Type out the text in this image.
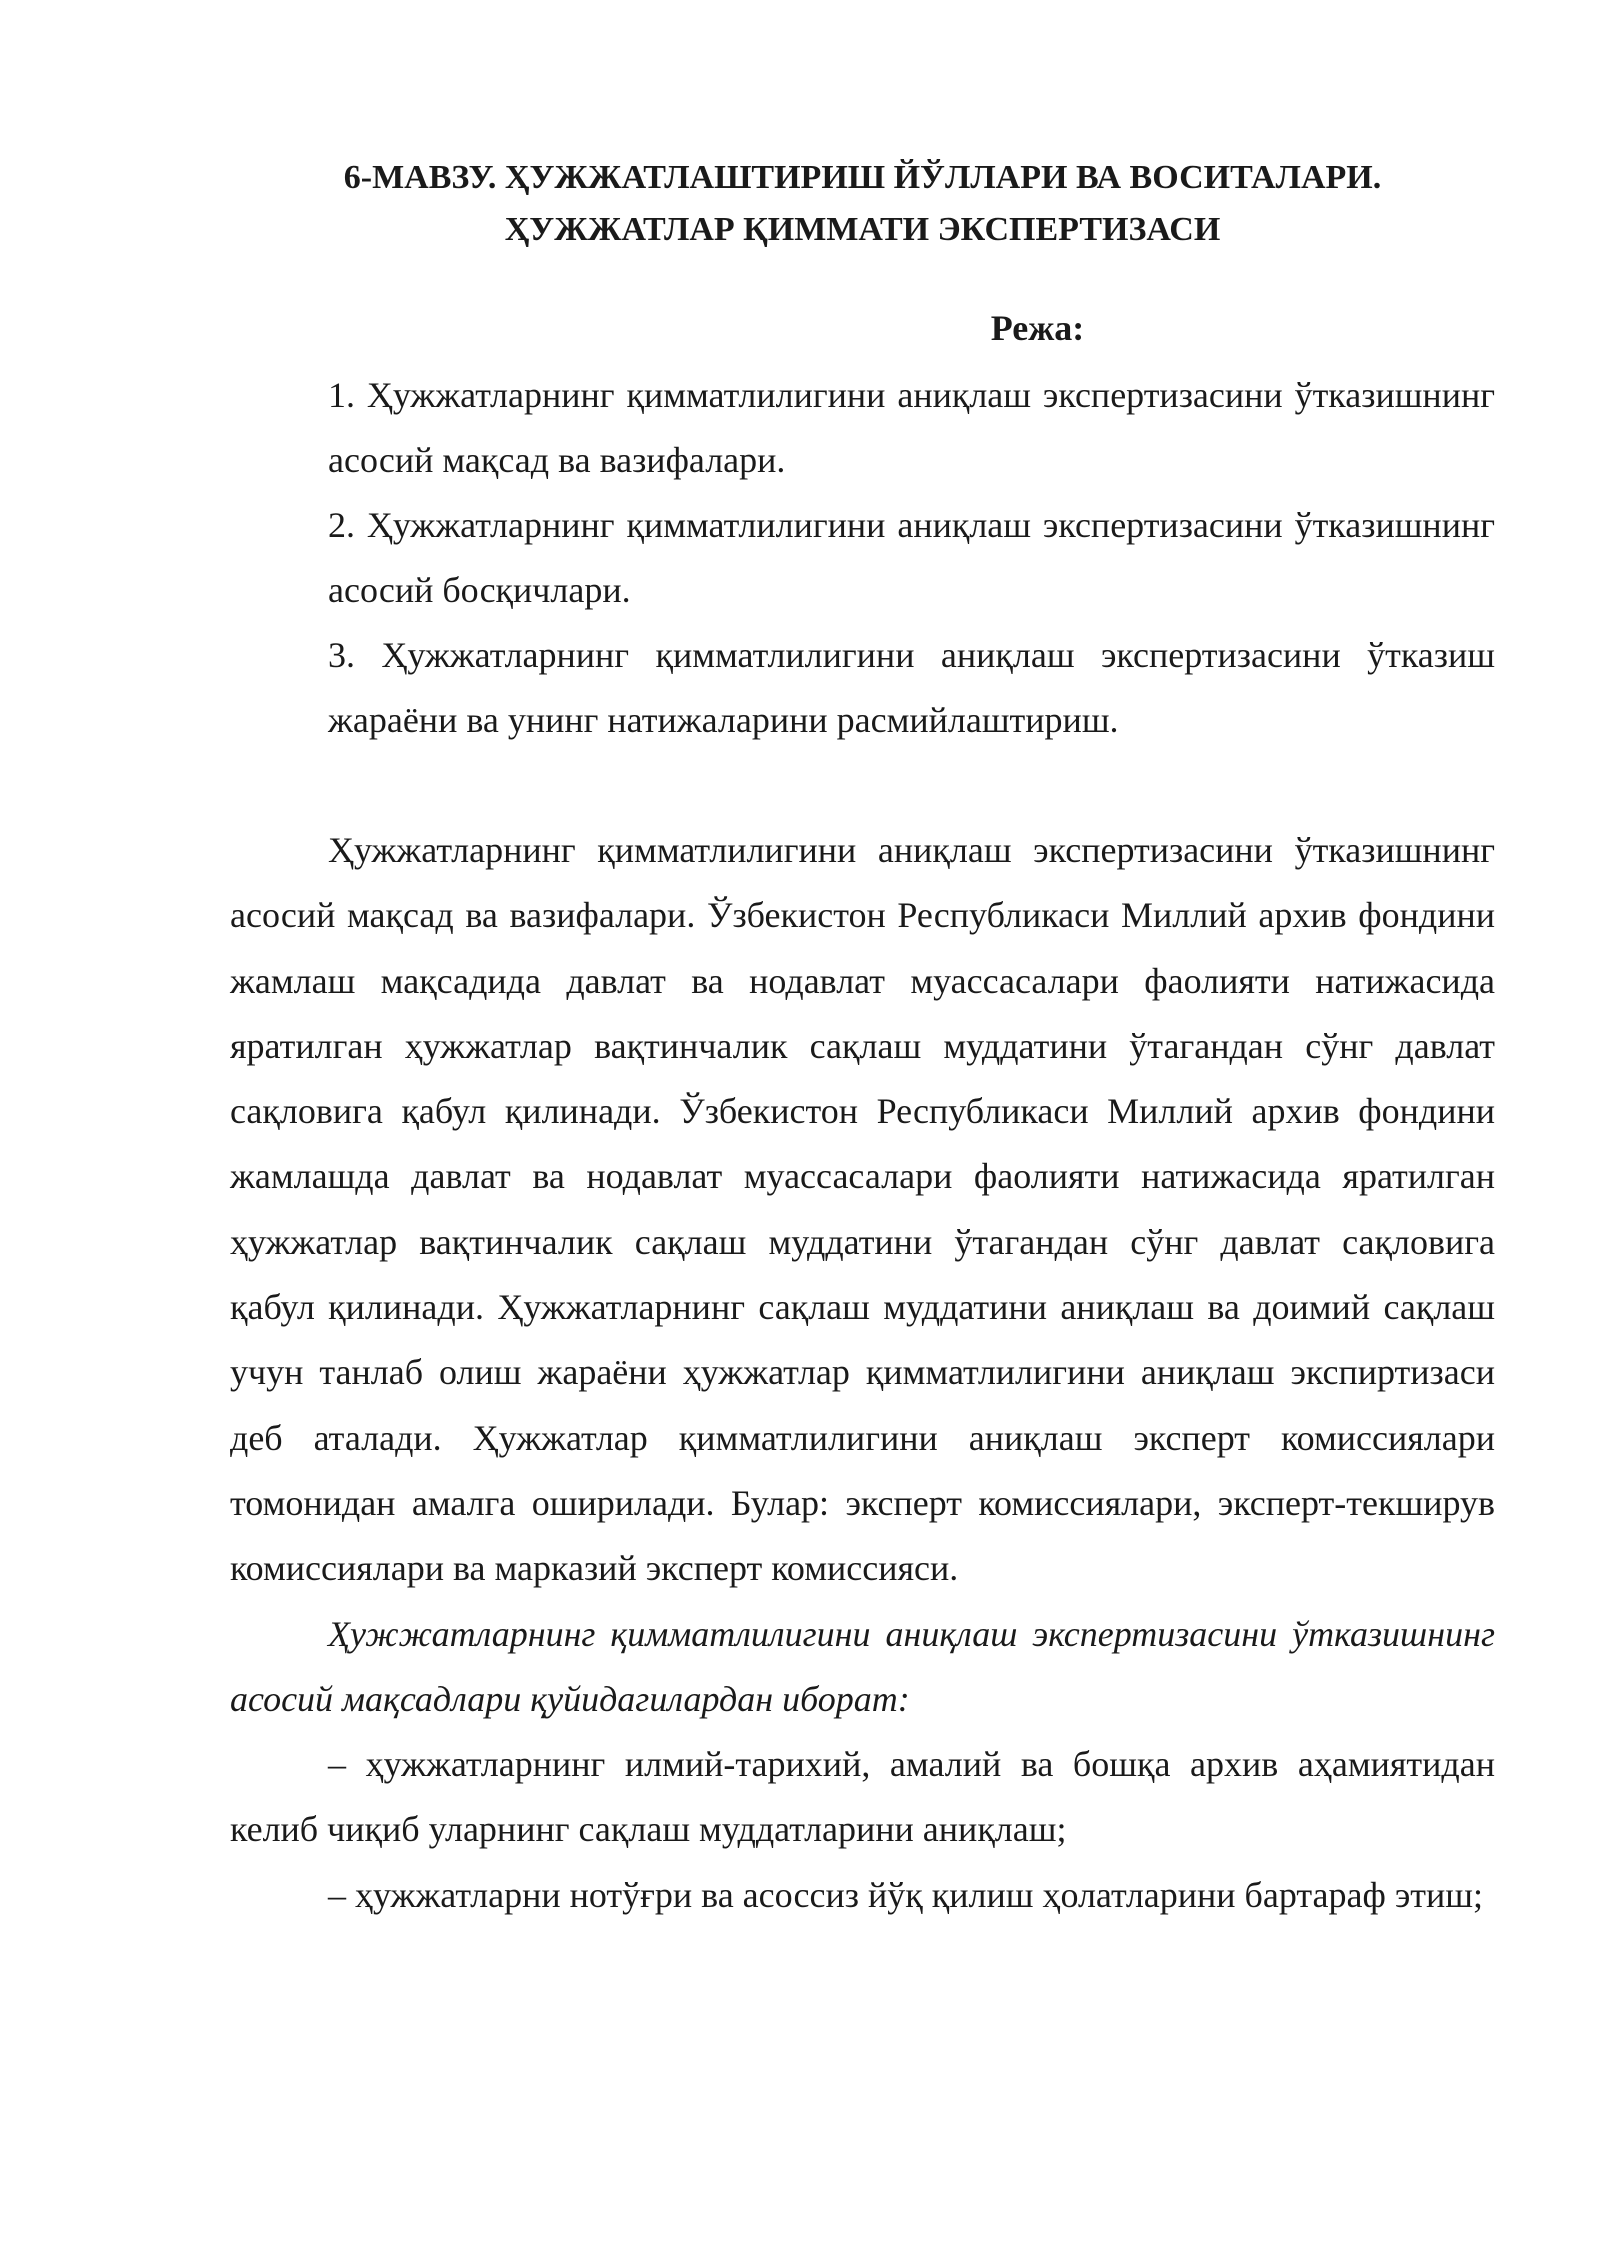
6-МАВЗУ. ҲУЖЖАТЛАШТИРИШ ЙЎЛЛАРИ ВА ВОСИТАЛАРИ.
ҲУЖЖАТЛАР ҚИММАТИ ЭКСПЕРТИЗАСИ
Режа:
1. Ҳужжатларнинг қимматлилигини аниқлаш экспертизасини ўтказишнинг асосий мақсад ва вазифалари.
2. Ҳужжатларнинг қимматлилигини аниқлаш экспертизасини ўтказишнинг асосий босқичлари.
3. Ҳужжатларнинг қимматлилигини аниқлаш экспертизасини ўтказиш жараёни ва унинг натижаларини расмийлаштириш.

Ҳужжатларнинг қимматлилигини аниқлаш экспертизасини ўтказишнинг асосий мақсад ва вазифалари. Ўзбекистон Республикаси Миллий архив фондини жамлаш мақсадида давлат ва нодавлат муассасалари фаолияти натижасида яратилган ҳужжатлар вақтинчалик сақлаш муддатини ўтагандан сўнг давлат сақловига қабул қилинади. Ўзбекистон Республикаси Миллий архив фондини жамлашда давлат ва нодавлат муассасалари фаолияти натижасида яратилган ҳужжатлар вақтинчалик сақлаш муддатини ўтагандан сўнг давлат сақловига қабул қилинади. Ҳужжатларнинг сақлаш муддатини аниқлаш ва доимий сақлаш учун танлаб олиш жараёни ҳужжатлар қимматлилигини аниқлаш экспиртизаси деб аталади. Ҳужжатлар қимматлилигини аниқлаш эксперт комиссиялари томонидан амалга оширилади. Булар: эксперт комиссиялари, эксперт-текширув комиссиялари ва марказий эксперт комиссияси.

Ҳужжатларнинг қимматлилигини аниқлаш экспертизасини ўтказишнинг асосий мақсадлари қуйидагилардан иборат:

– ҳужжатларнинг илмий-тарихий, амалий ва бошқа архив аҳамиятидан келиб чиқиб уларнинг сақлаш муддатларини аниқлаш;

– ҳужжатларни нотўғри ва асоссиз йўқ қилиш ҳолатларини бартараф этиш;
